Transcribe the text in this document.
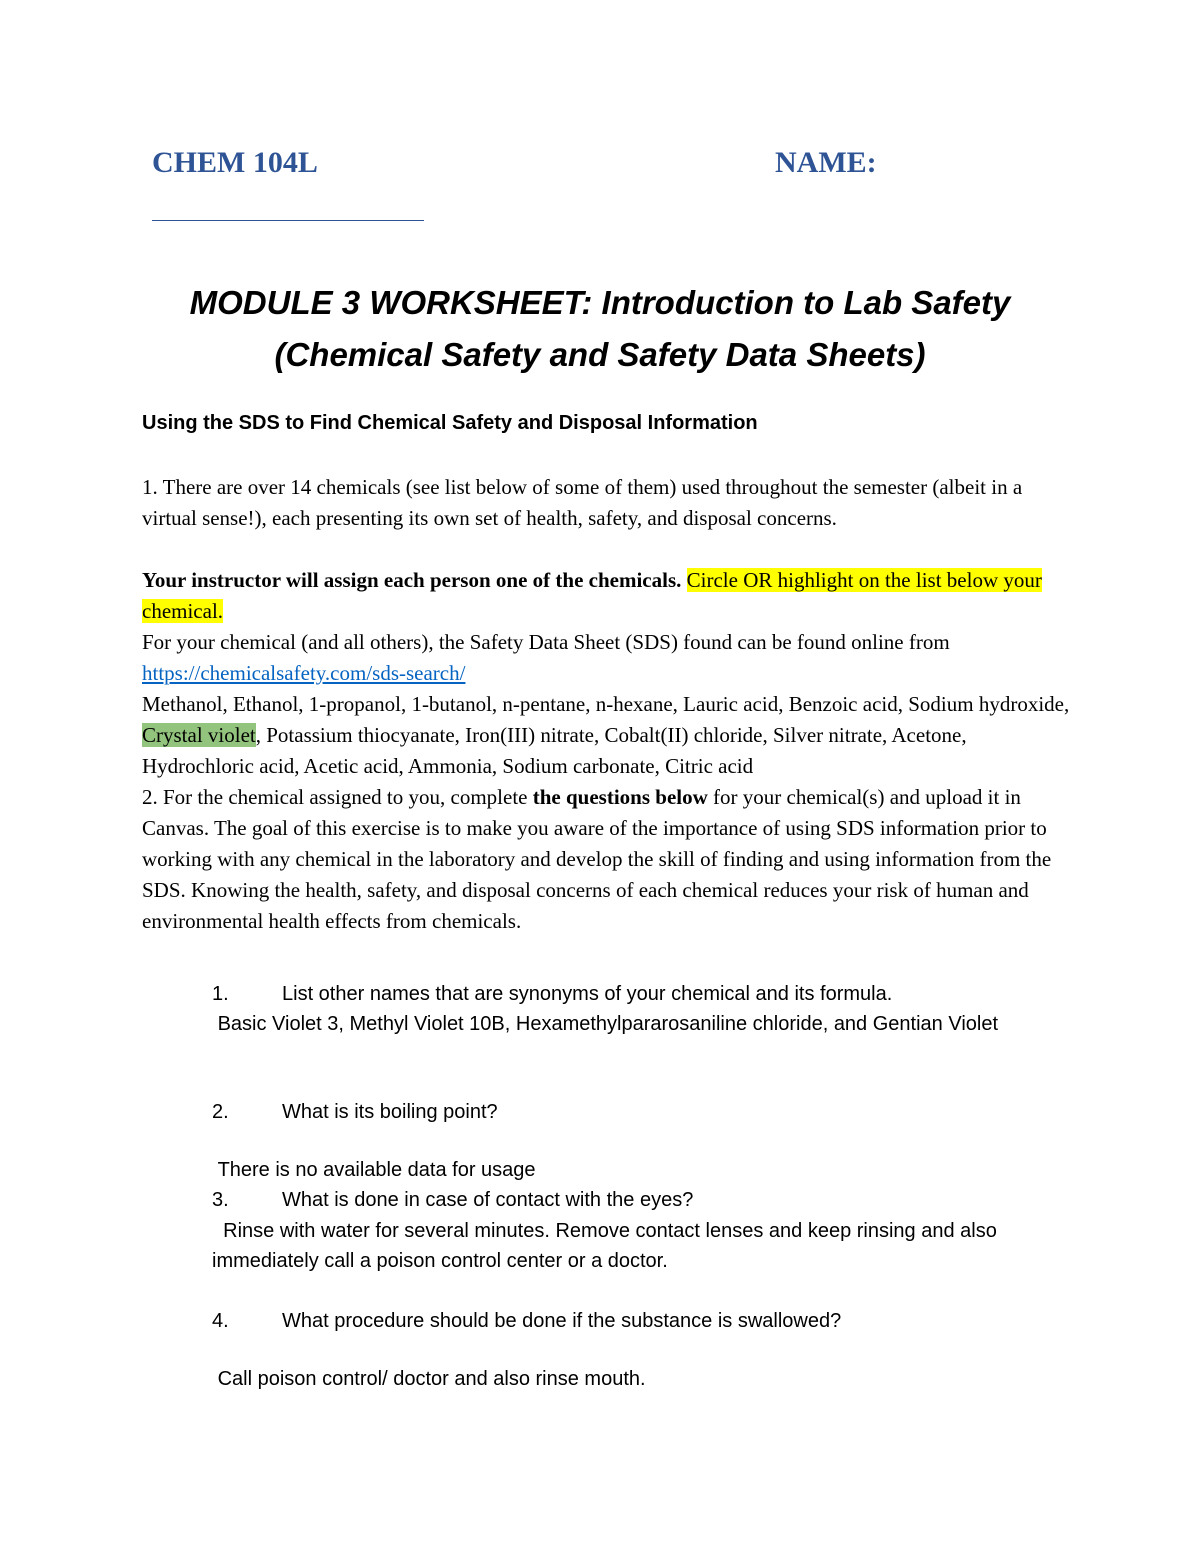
CHEM 104L	NAME:
MODULE 3 WORKSHEET: Introduction to Lab Safety
(Chemical Safety and Safety Data Sheets)
Using the SDS to Find Chemical Safety and Disposal Information
1. There are over 14 chemicals (see list below of some of them) used throughout the semester (albeit in a virtual sense!), each presenting its own set of health, safety, and disposal concerns.
Your instructor will assign each person one of the chemicals. Circle OR highlight on the list below your chemical.
For your chemical (and all others), the Safety Data Sheet (SDS) found can be found online from
https://chemicalsafety.com/sds-search/
Methanol, Ethanol, 1-propanol, 1-butanol, n-pentane, n-hexane, Lauric acid, Benzoic acid, Sodium hydroxide, Crystal violet, Potassium thiocyanate, Iron(III) nitrate, Cobalt(II) chloride, Silver nitrate, Acetone, Hydrochloric acid, Acetic acid, Ammonia, Sodium carbonate, Citric acid
2. For the chemical assigned to you, complete the questions below for your chemical(s) and upload it in Canvas. The goal of this exercise is to make you aware of the importance of using SDS information prior to working with any chemical in the laboratory and develop the skill of finding and using information from the SDS. Knowing the health, safety, and disposal concerns of each chemical reduces your risk of human and environmental health effects from chemicals.
1.	List other names that are synonyms of your chemical and its formula.
Basic Violet 3, Methyl Violet 10B, Hexamethylpararosaniline chloride, and Gentian Violet
2.	What is its boiling point?
There is no available data for usage
3.	What is done in case of contact with the eyes?
Rinse with water for several minutes. Remove contact lenses and keep rinsing and also immediately call a poison control center or a doctor.
4.	What procedure should be done if the substance is swallowed?
Call poison control/ doctor and also rinse mouth.
